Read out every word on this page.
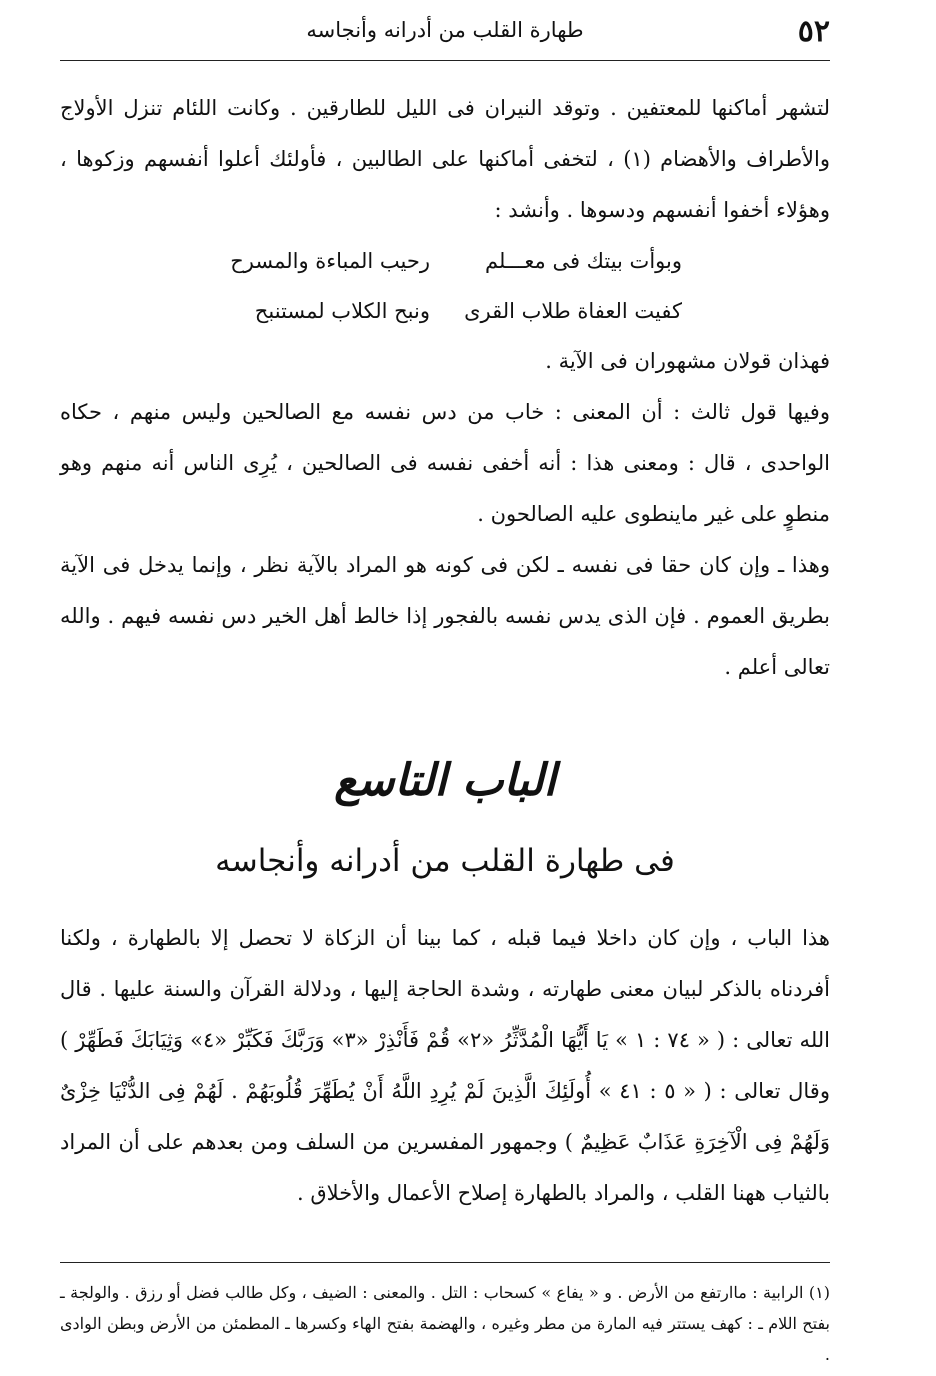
٥٢
طهارة القلب من أدرانه وأنجاسه

لتشهر أماكنها للمعتفين . وتوقد النيران فى الليل للطارقين . وكانت اللئام تنزل الأولاج والأطراف والأهضام (١) ، لتخفى أماكنها على الطالبين ، فأولئك أعلوا أنفسهم وزكوها ، وهؤلاء أخفوا أنفسهم ودسوها . وأنشد :

وبوأت بيتك فى معـــلم
رحيب المباءة والمسرح
كفيت العفاة طلاب القرى
ونبح الكلاب لمستنبح

فهذان قولان مشهوران فى الآية .

وفيها قول ثالث : أن المعنى : خاب من دس نفسه مع الصالحين وليس منهم ، حكاه الواحدى ، قال : ومعنى هذا : أنه أخفى نفسه فى الصالحين ، يُرِى الناس أنه منهم وهو منطوٍ على غير ماينطوى عليه الصالحون .

وهذا ـ وإن كان حقا فى نفسه ـ لكن فى كونه هو المراد بالآية نظر ، وإنما يدخل فى الآية بطريق العموم . فإن الذى يدس نفسه بالفجور إذا خالط أهل الخير دس نفسه فيهم . والله تعالى أعلم .

الباب التاسع
فى طهارة القلب من أدرانه وأنجاسه

هذا الباب ، وإن كان داخلا فيما قبله ، كما بينا أن الزكاة لا تحصل إلا بالطهارة ، ولكنا أفردناه بالذكر لبيان معنى طهارته ، وشدة الحاجة إليها ، ودلالة القرآن والسنة عليها . قال الله تعالى : ( « ٧٤ : ١ » يَا أَيُّهَا الْمُدَّثِّرُ «٢» قُمْ فَأَنْذِرْ «٣» وَرَبَّكَ فَكَبِّرْ «٤» وَثِيَابَكَ فَطَهِّرْ ) وقال تعالى : ( « ٥ : ٤١ » أُولَئِكَ الَّذِينَ لَمْ يُرِدِ اللَّهُ أَنْ يُطَهِّرَ قُلُوبَهُمْ . لَهُمْ فِى الدُّنْيَا خِزْىٌ وَلَهُمْ فِى الْآخِرَةِ عَذَابٌ عَظِيمٌ ) وجمهور المفسرين من السلف ومن بعدهم على أن المراد بالثياب ههنا القلب ، والمراد بالطهارة إصلاح الأعمال والأخلاق .

(١) الرابية : ماارتفع من الأرض . و « يفاع » كسحاب : التل . والمعنى : الضيف ، وكل طالب فضل أو رزق . والولجة ـ بفتح اللام ـ : كهف يستتر فيه المارة من مطر وغيره ، والهضمة بفتح الهاء وكسرها ـ المطمئن من الأرض وبطن الوادى .
